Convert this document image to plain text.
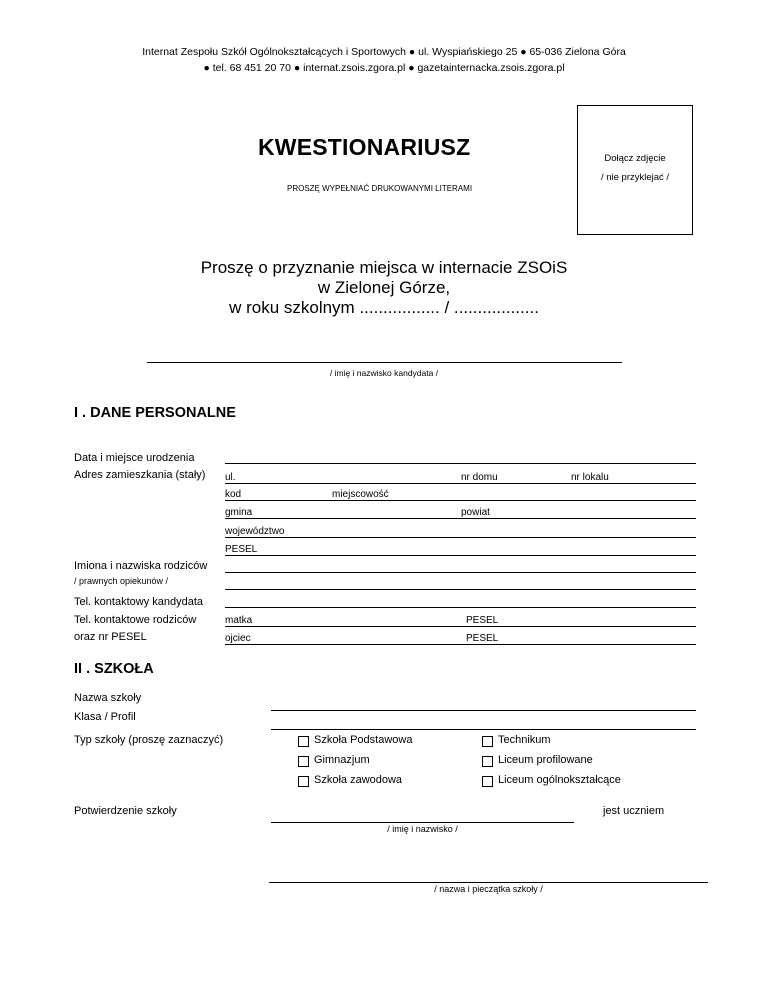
Internat Zespołu Szkół Ogólnokształcących i Sportowych ● ul. Wyspiańskiego 25 ● 65-036 Zielona Góra
● tel. 68 451 20 70 ● internat.zsois.zgora.pl ● gazetainternacka.zsois.zgora.pl
KWESTIONARIUSZ
PROSZĘ WYPEŁNIAĆ DRUKOWANYMI LITERAMI
Dołącz zdjęcie
/ nie przyklejać /
Proszę o przyznanie miejsca w internacie ZSOiS
w Zielonej Górze,
w roku szkolnym ................. / ..................
/ imię i nazwisko kandydata /
I . DANE PERSONALNE
Data i miejsce urodzenia
Adres zamieszkania (stały) ul.	nr domu	nr lokalu
kod	miejscowość
gmina	powiat
województwo
PESEL
Imiona i nazwiska rodziców
/ prawnych opiekunów /
Tel. kontaktowy kandydata
Tel. kontaktowe rodziców	matka	PESEL
oraz nr PESEL	ojciec	PESEL
II . SZKOŁA
Nazwa szkoły
Klasa / Profil
Typ szkoły (proszę zaznaczyć)	Szkoła Podstawowa	Technikum
Gimnazjum	Liceum profilowane
Szkoła zawodowa	Liceum ogólnokształcące
Potwierdzenie szkoły	jest uczniem
/ imię i nazwisko /
/ nazwa i pieczątka szkoły /
